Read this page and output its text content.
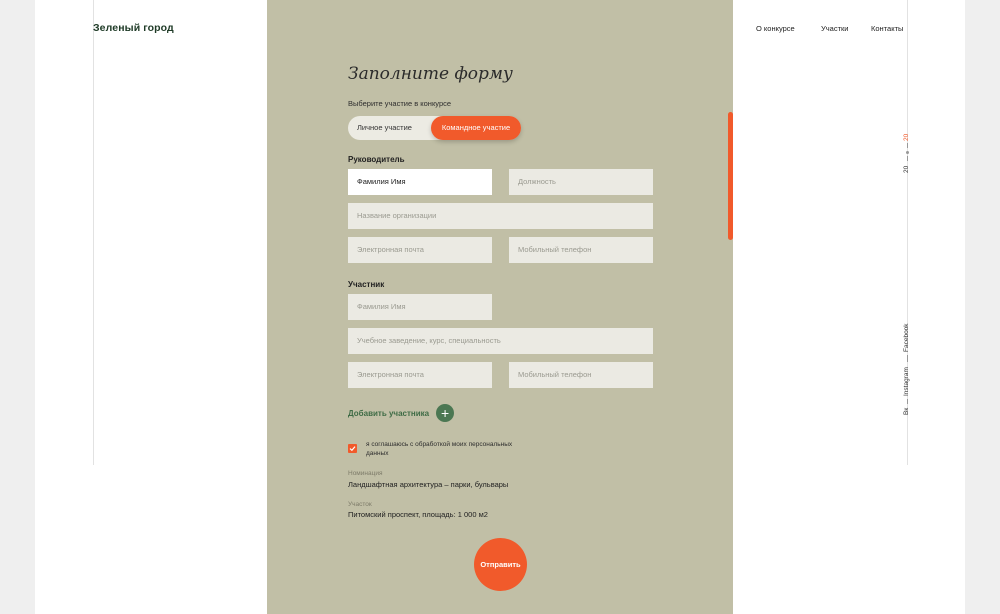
Зеленый город	О конкурсе	Участки	Контакты
Заполните форму
Выберите участие в конкурсе
Личное участие	Командное участие
Руководитель
Фамилия Имя	Должность
Название организации
Электронная почта	Мобильный телефон
Участник
Фамилия Имя
Учебное заведение, курс, специальность
Электронная почта	Мобильный телефон
Добавить участника +
я соглашаюсь с обработкой моих персональных данных
Номинация
Ландшафтная архитектура – парки, бульвары
Участок
Питомский проспект, площадь: 1 000 м2
Отправить
20
20
Facebook
Instagram
Вк
